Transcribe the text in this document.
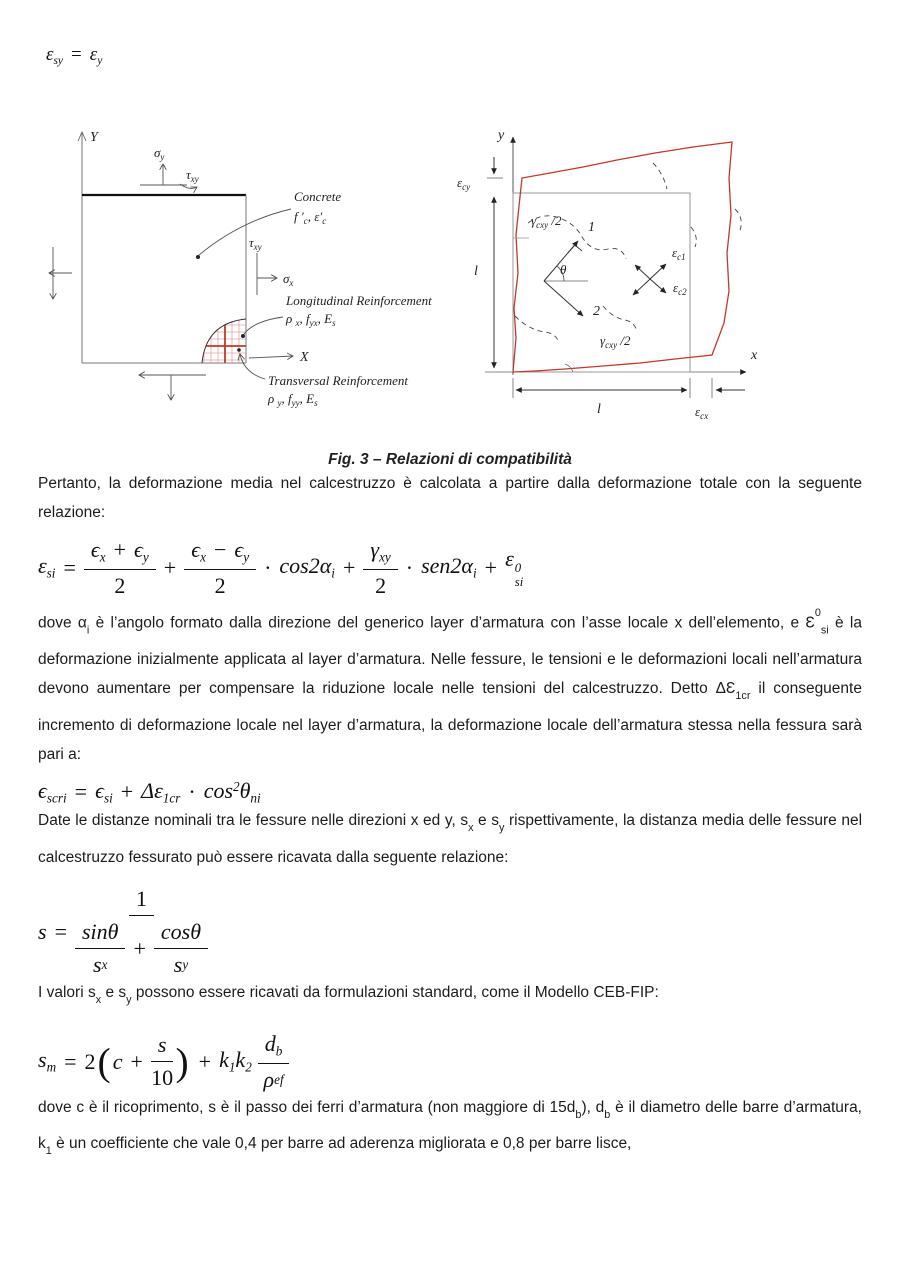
$\varepsilon_{sy} = \varepsilon_y$
Y
$\sigma_y$
$\tau_{xy}$
$\tau_{xy}$
$\sigma_x$
X
Concrete
f $'_c$, $\varepsilon'_c$
Longitudinal Reinforcement
ρ $_x$, $f_{yx}$, $E_s$
Transversal Reinforcement
ρ $_y$, $f_{yy}$, $E_s$
y
x
$\varepsilon_{cy}$
l
$\gamma_{cxy}$ /2
$\gamma_{cxy}$ /2
θ
1
2
$\varepsilon_{c1}$
$\varepsilon_{c2}$
l	$\varepsilon_{cx}$
Fig. 3 – Relazioni di compatibilità

Pertanto, la deformazione media nel calcestruzzo è calcolata a partire dalla deformazione totale con la seguente relazione:

$\varepsilon_{si} = \frac{\epsilon_x + \epsilon_y}{2} + \frac{\epsilon_x - \epsilon_y}{2} \cdot \cos 2\alpha_i + \frac{\gamma_{xy}}{2} \cdot sen2\alpha_i + \varepsilon$ 0
si

dove $\alpha_i$ è l’angolo formato dalla direzione del generico layer d’armatura con l’asse locale x dell’elemento, e $Ɛ^0_{si}$ è la deformazione inizialmente applicata al layer d’armatura. Nelle fessure, le tensioni e le deformazioni locali nell’armatura devono aumentare per compensare la riduzione locale nelle tensioni del calcestruzzo. Detto $\Delta Ɛ_{1cr}$ il conseguente incremento di deformazione locale nel layer d’armatura, la deformazione locale dell’armatura stessa nella fessura sarà pari a:

$\epsilon_{scri} = \epsilon_{si} + \Delta\varepsilon_{1cr} \cdot \cos^2\theta_{ni}$

Date le distanze nominali tra le fessure nelle direzioni x ed y, $s_x$ e $s_y$ rispettivamente, la distanza media delle fessure nel calcestruzzo fessurato può essere ricavata dalla seguente relazione:

s =
1
$\frac{\sin\theta}{\text{s x}} + \frac{\cos\theta}{\text{s y}}$

I valori $s_x$ e $s_y$ possono essere ricavati da formulazioni standard, come il Modello CEB-FIP:

$s_m = 2$ ( $c + \frac{s}{10}$ ) + $k_1k_2 \frac{d_b}{\text{ρ ef}}$

dove c è il ricoprimento, s è il passo dei ferri d’armatura (non maggiore di $15d_b$), $d_b$ è il diametro delle barre d’armatura, $k_1$ è un coefficiente che vale 0,4 per barre ad aderenza migliorata e 0,8 per barre lisce,
